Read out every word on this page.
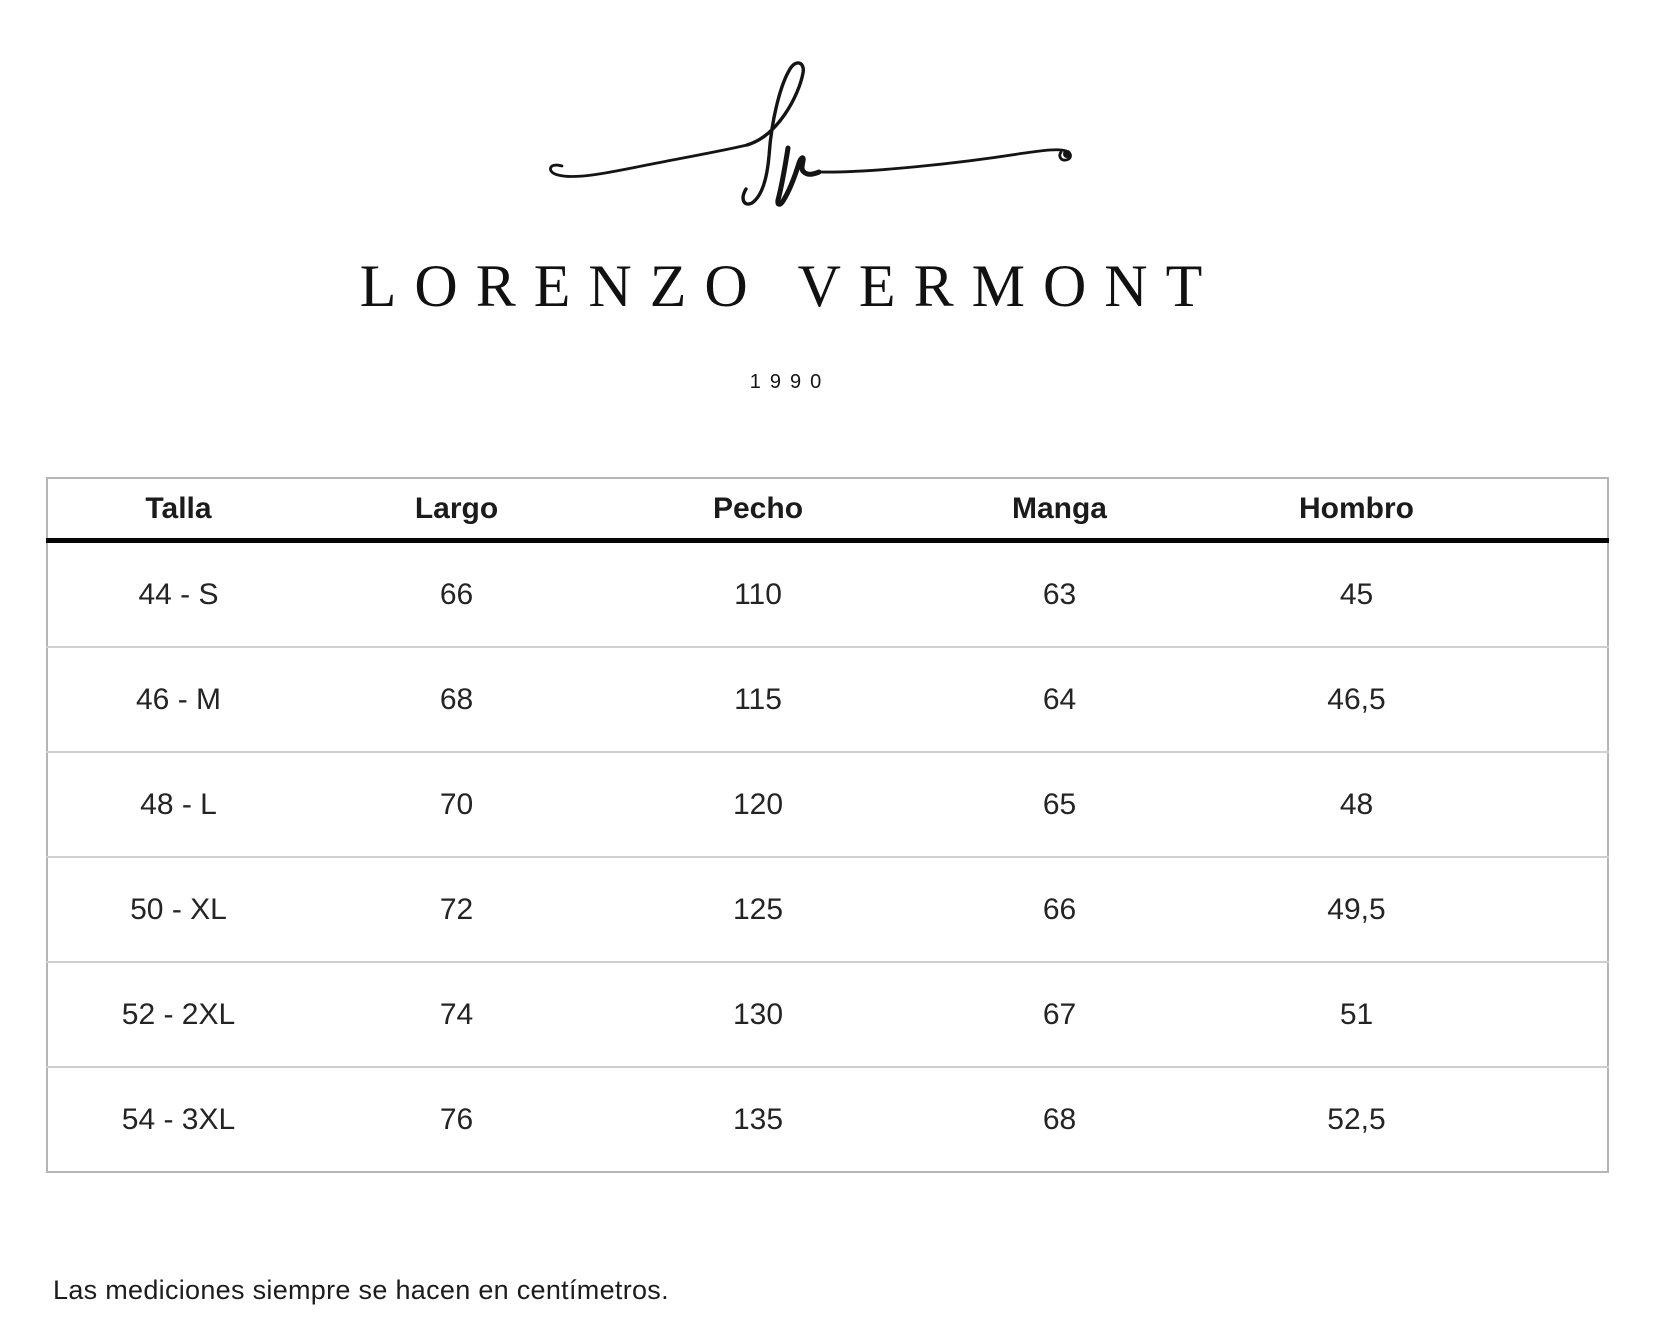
LORENZO VERMONT
1990
Talla	Largo	Pecho	Manga	Hombro
44 - S	66	110	63	45
46 - M	68	115	64	46,5
48 - L	70	120	65	48
50 - XL	72	125	66	49,5
52 - 2XL	74	130	67	51
54 - 3XL	76	135	68	52,5

Las mediciones siempre se hacen en centímetros.
